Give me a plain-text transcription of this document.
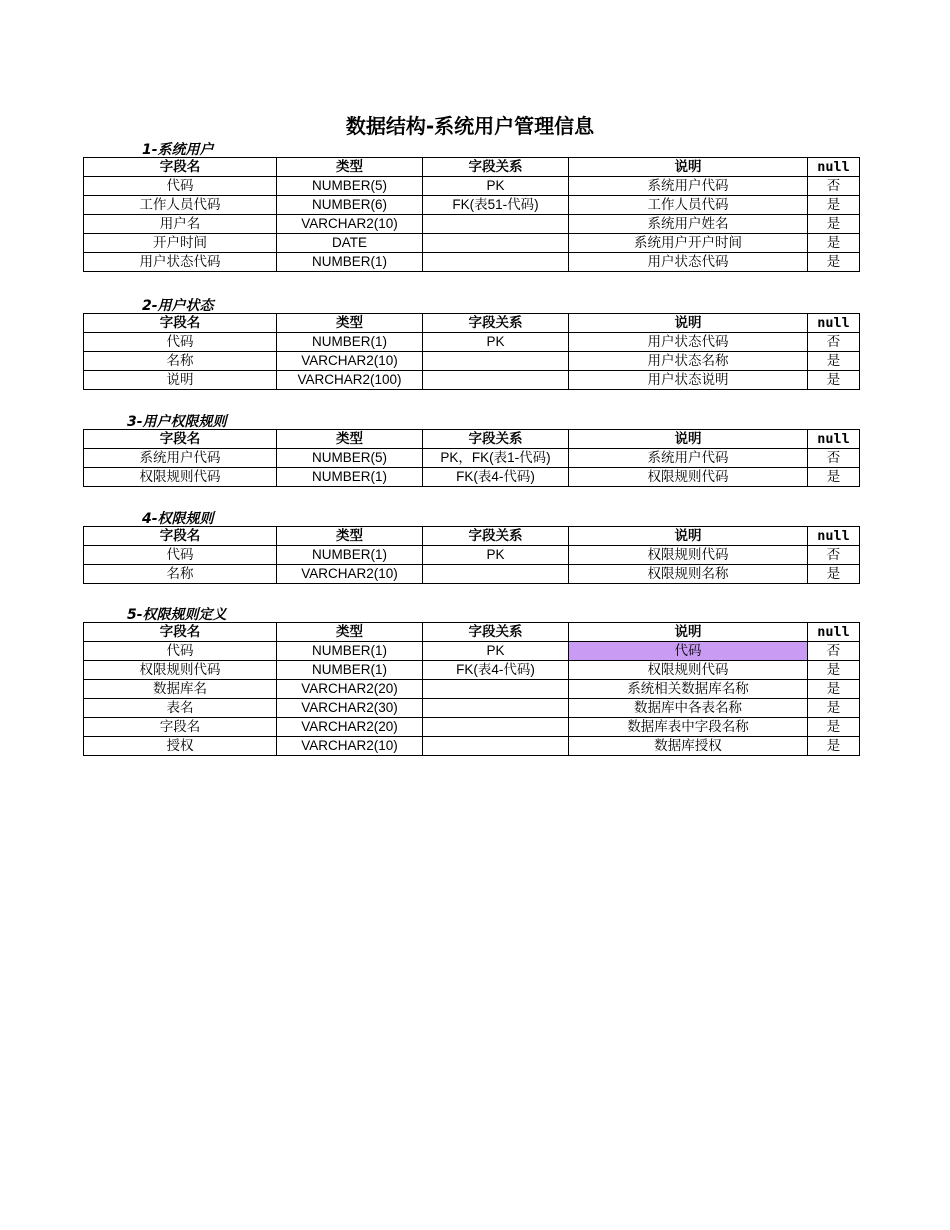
数据结构-系统用户管理信息
1-系统用户
字段名	类型	字段关系	说明	null
代码	NUMBER(5)	PK	系统用户代码	否
工作人员代码	NUMBER(6)	FK(表51-代码)	工作人员代码	是
用户名	VARCHAR2(10)		系统用户姓名	是
开户时间	DATE		系统用户开户时间	是
用户状态代码	NUMBER(1)		用户状态代码	是
2-用户状态
字段名	类型	字段关系	说明	null
代码	NUMBER(1)	PK	用户状态代码	否
名称	VARCHAR2(10)		用户状态名称	是
说明	VARCHAR2(100)		用户状态说明	是
3-用户权限规则
字段名	类型	字段关系	说明	null
系统用户代码	NUMBER(5)	PK，FK(表1-代码)	系统用户代码	否
权限规则代码	NUMBER(1)	FK(表4-代码)	权限规则代码	是
4-权限规则
字段名	类型	字段关系	说明	null
代码	NUMBER(1)	PK	权限规则代码	否
名称	VARCHAR2(10)		权限规则名称	是
5-权限规则定义
字段名	类型	字段关系	说明	null
代码	NUMBER(1)	PK	代码	否
权限规则代码	NUMBER(1)	FK(表4-代码)	权限规则代码	是
数据库名	VARCHAR2(20)		系统相关数据库名称	是
表名	VARCHAR2(30)		数据库中各表名称	是
字段名	VARCHAR2(20)		数据库表中字段名称	是
授权	VARCHAR2(10)		数据库授权	是
